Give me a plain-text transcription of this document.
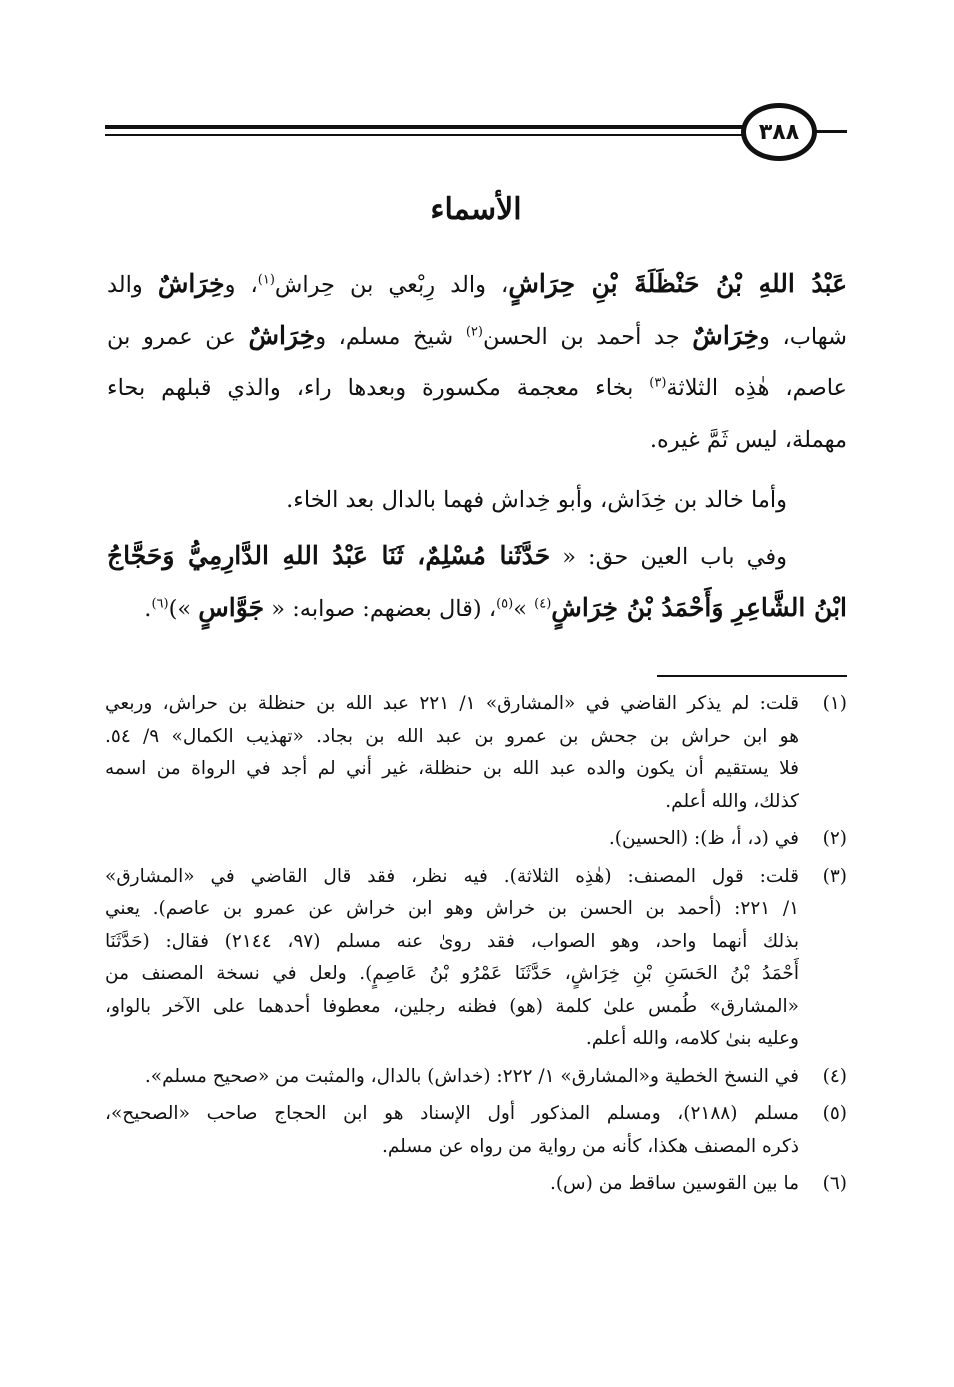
٣٨٨
الأسماء
عَبْدُ اللهِ بْنُ حَنْظَلَةَ بْنِ حِرَاشٍ، والد رِبْعي بن حِراش$^{(١)}$، وخِرَاشٌ والد
شهاب، وخِرَاشٌ جد أحمد بن الحسن$^{(٢)}$ شيخ مسلم، وخِرَاشٌ عن عمرو بن
عاصم، هٰذِه الثلاثة$^{(٣)}$ بخاء معجمة مكسورة وبعدها راء، والذي قبلهم بحاء
مهملة، ليس ثَمَّ غيره.
وأما خالد بن خِدَاش، وأبو خِداش فهما بالدال بعد الخاء.
وفي باب العين حق: « حَدَّثَنا مُسْلِمٌ، ثَنَا عَبْدُ اللهِ الدَّارِمِيُّ وَحَجَّاجُ
ابْنُ الشَّاعِرِ وَأَحْمَدُ بْنُ خِرَاشٍ$^{(٤)}$ »$^{(٥)}$، (قال بعضهم: صوابه: « جَوَّاسٍ »)$^{(٦)}$.
(١)
قلت: لم يذكر القاضي في «المشارق» ١/ ٢٢١ عبد الله بن حنظلة بن حراش، وربعي
هو ابن حراش بن جحش بن عمرو بن عبد الله بن بجاد. «تهذيب الكمال» ٩/ ٥٤.
فلا يستقيم أن يكون والده عبد الله بن حنظلة، غير أني لم أجد في الرواة من اسمه
كذلك، والله أعلم.
(٢)
في (د، أ، ظ): (الحسين).
(٣)
قلت: قول المصنف: (هٰذِه الثلاثة). فيه نظر، فقد قال القاضي في «المشارق»
١/ ٢٢١: (أحمد بن الحسن بن خراش وهو ابن خراش عن عمرو بن عاصم). يعني
بذلك أنهما واحد، وهو الصواب، فقد روىٰ عنه مسلم (٩٧، ٢١٤٤) فقال: (حَدَّثَنَا
أَحْمَدُ بْنُ الحَسَنِ بْنِ خِرَاشٍ، حَدَّثَنَا عَمْرُو بْنُ عَاصِمٍ). ولعل في نسخة المصنف من
«المشارق» طُمس علىٰ كلمة (هو) فظنه رجلين، معطوفا أحدهما على الآخر بالواو،
وعليه بنىٰ كلامه، والله أعلم.
(٤)
في النسخ الخطية و«المشارق» ١/ ٢٢٢: (خداش) بالدال، والمثبت من «صحيح مسلم».
(٥)
مسلم (٢١٨٨)، ومسلم المذكور أول الإسناد هو ابن الحجاج صاحب «الصحيح»،
ذكره المصنف هكذا، كأنه من رواية من رواه عن مسلم.
(٦)
ما بين القوسين ساقط من (س).
